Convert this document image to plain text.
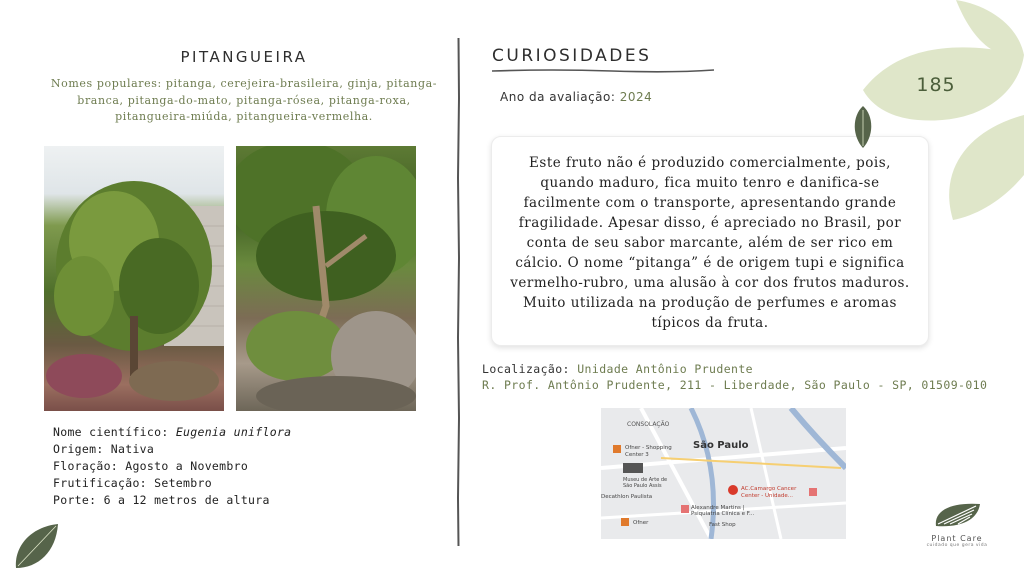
PITANGUEIRA
Nomes populares: pitanga, cerejeira-brasileira, ginja, pitanga-branca, pitanga-do-mato, pitanga-rósea, pitanga-roxa, pitangueira-miúda, pitangueira-vermelha.
Nome científico: Eugenia uniflora
Origem: Nativa
Floração: Agosto a Novembro
Frutificação: Setembro
Porte: 6 a 12 metros de altura
CURIOSIDADES
Ano da avaliação: 2024

Este fruto não é produzido comercialmente, pois, quando maduro, fica muito tenro e danifica-se facilmente com o transporte, apresentando grande fragilidade. Apesar disso, é apreciado no Brasil, por conta de seu sabor marcante, além de ser rico em cálcio. O nome “pitanga” é de origem tupi e significa vermelho-rubro, uma alusão à cor dos frutos maduros. Muito utilizada na produção de perfumes e aromas típicos da fruta.

Localização: Unidade Antônio Prudente
R. Prof. Antônio Prudente, 211 - Liberdade, São Paulo - SP, 01509-010
CONSOLAÇÃO
São Paulo
Ofner - Shopping
Center 3
Museu de Arte de
São Paulo Assis
Decathlon Paulista
AC.Camargo Cancer
Center - Unidade...
Alexandre Martins |
Psiquiatria Clínica e F...
Ofner	Fast Shop
185
Plant Care
cuidado que gera vida
